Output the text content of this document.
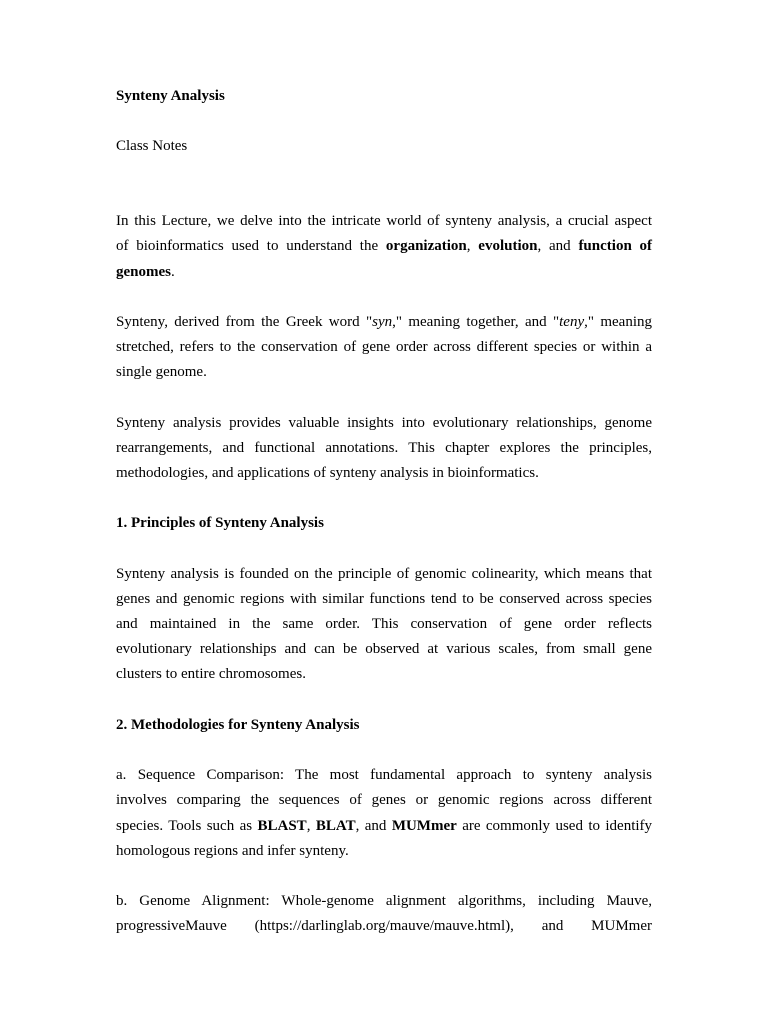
Synteny Analysis
Class Notes
In this Lecture, we delve into the intricate world of synteny analysis, a crucial aspect
of bioinformatics used to understand the organization, evolution, and function of
genomes.
Synteny, derived from the Greek word "syn," meaning together, and "teny," meaning
stretched, refers to the conservation of gene order across different species or within a
single genome.
Synteny analysis provides valuable insights into evolutionary relationships, genome
rearrangements, and functional annotations. This chapter explores the principles,
methodologies, and applications of synteny analysis in bioinformatics.
1. Principles of Synteny Analysis
Synteny analysis is founded on the principle of genomic colinearity, which means that
genes and genomic regions with similar functions tend to be conserved across species
and maintained in the same order. This conservation of gene order reflects
evolutionary relationships and can be observed at various scales, from small gene
clusters to entire chromosomes.
2. Methodologies for Synteny Analysis
a. Sequence Comparison: The most fundamental approach to synteny analysis
involves comparing the sequences of genes or genomic regions across different
species. Tools such as BLAST, BLAT, and MUMmer are commonly used to identify
homologous regions and infer synteny.
b. Genome Alignment: Whole-genome alignment algorithms, including Mauve,
progressiveMauve (https://darlinglab.org/mauve/mauve.html), and MUMmer
